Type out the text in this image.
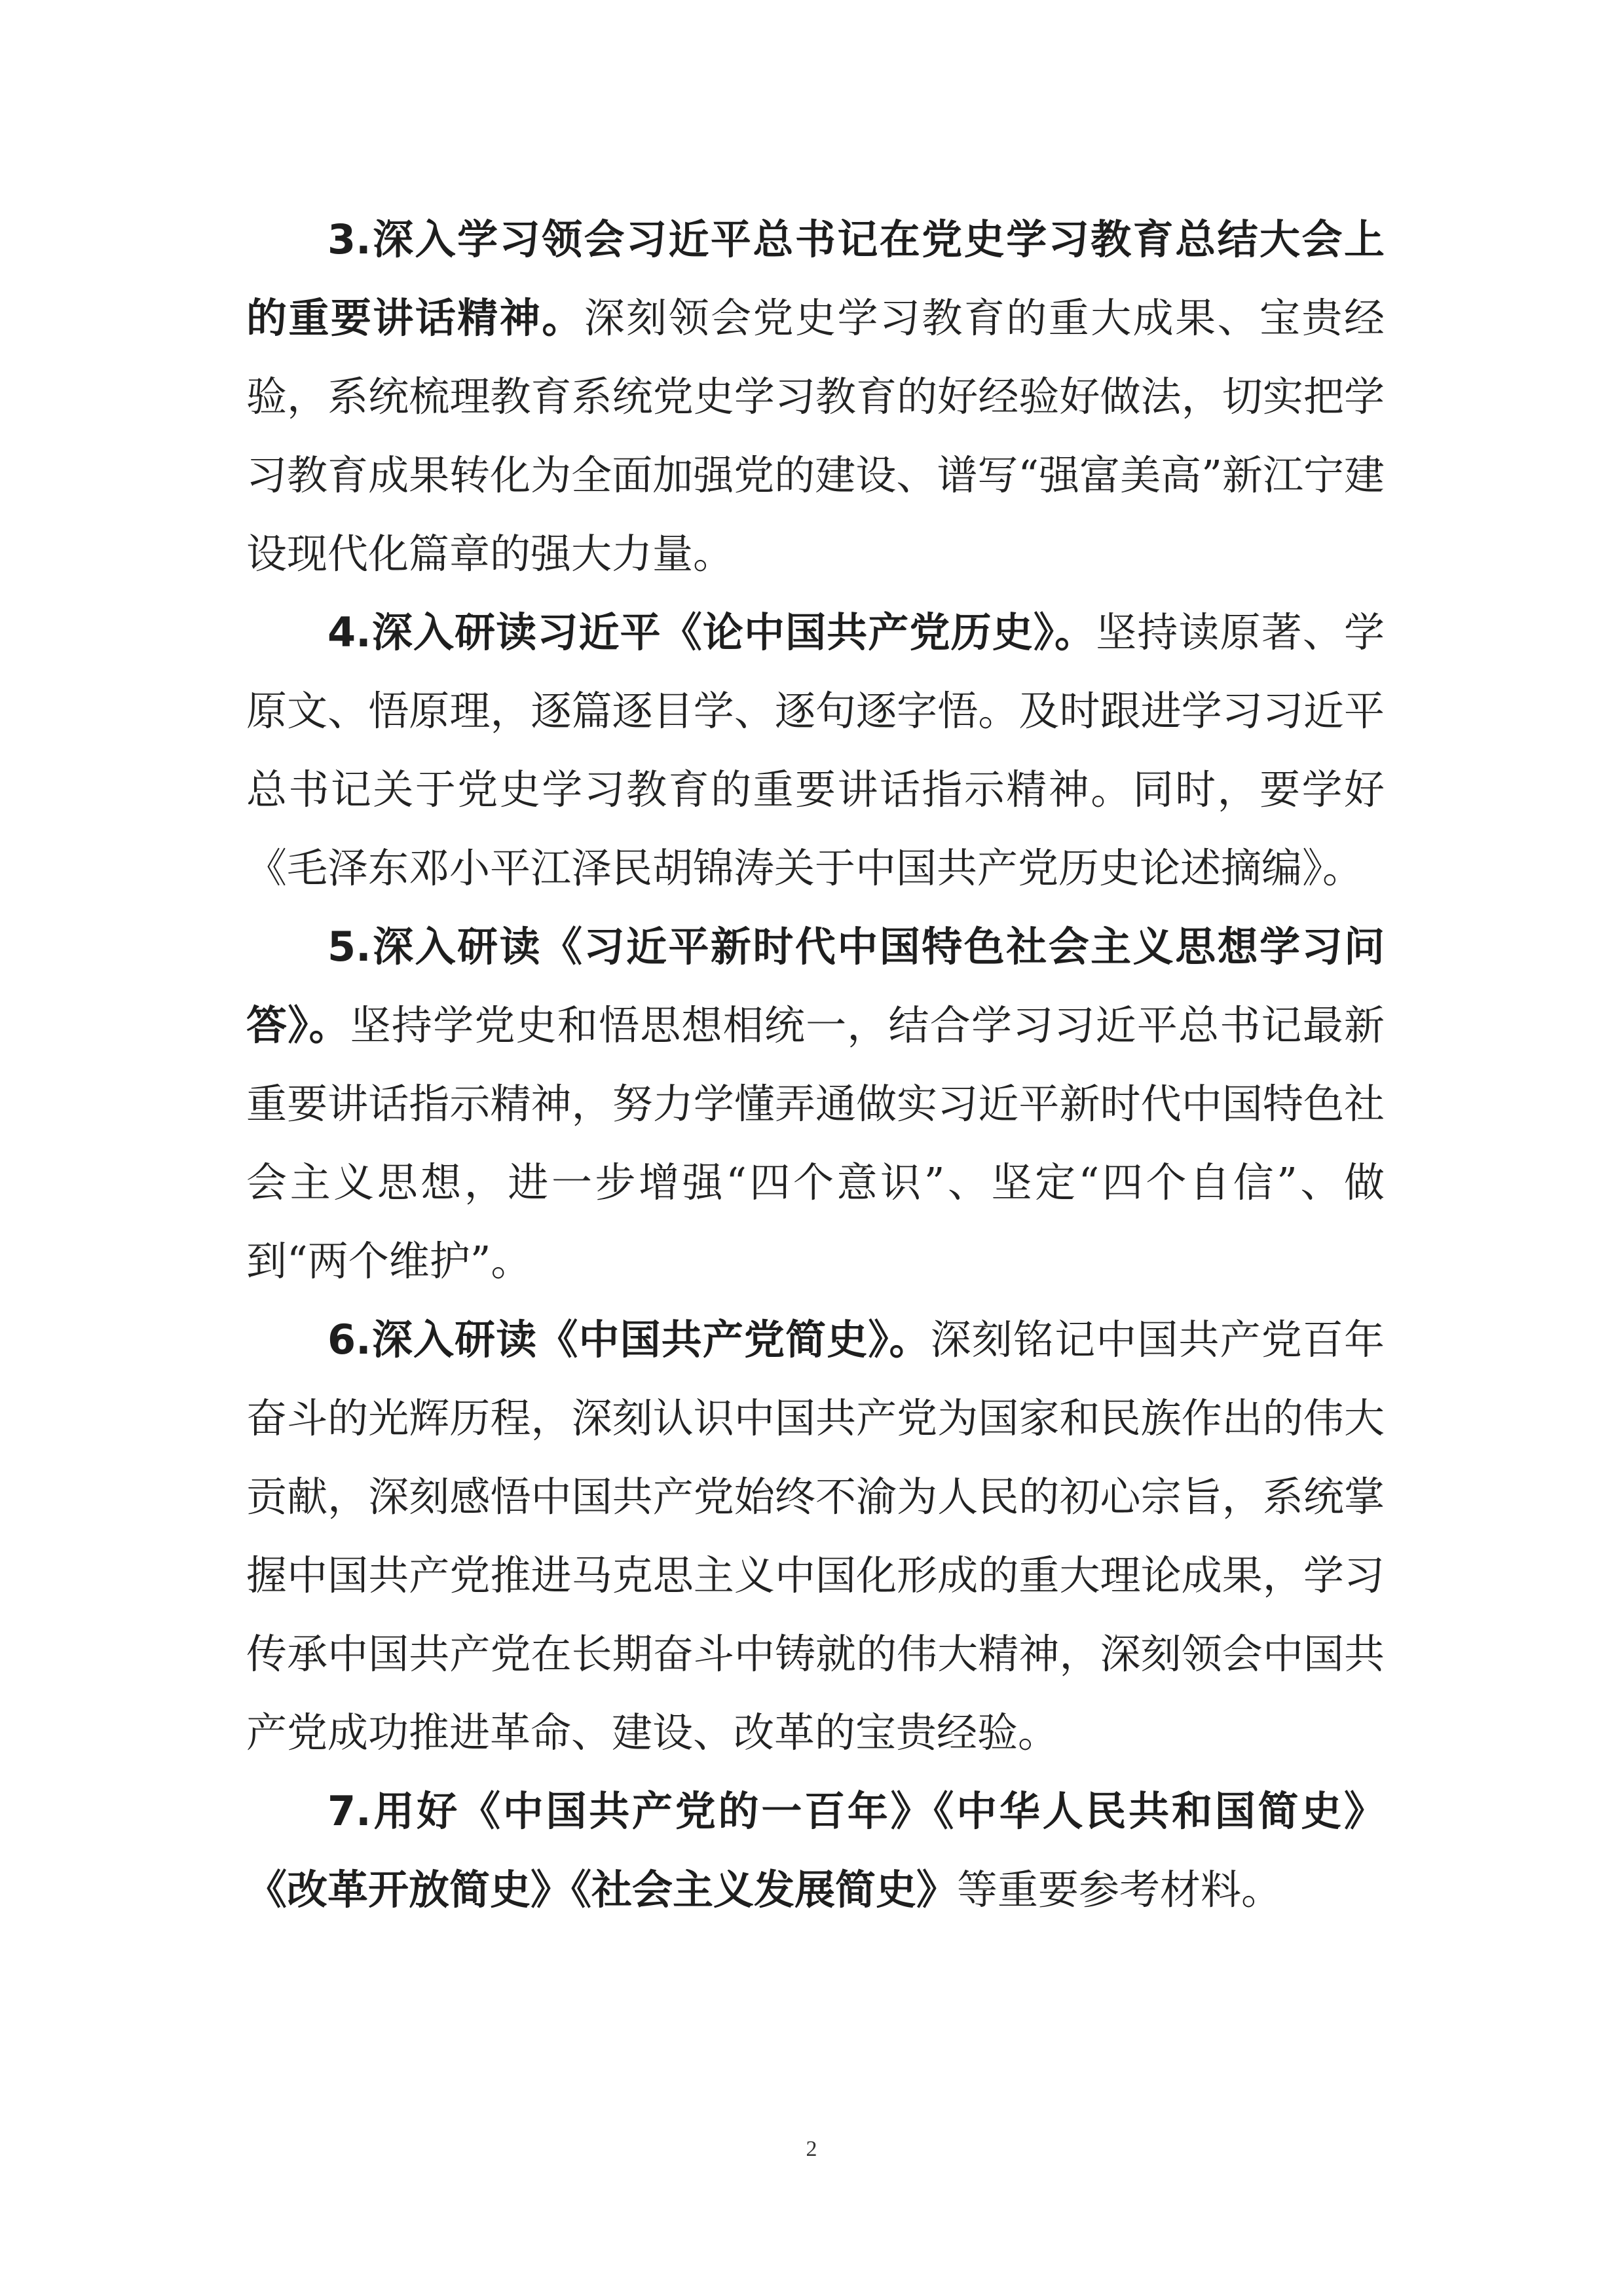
3.深入学习领会习近平总书记在党史学习教育总结大会上的重要讲话精神。深刻领会党史学习教育的重大成果、宝贵经验，系统梳理教育系统党史学习教育的好经验好做法，切实把学习教育成果转化为全面加强党的建设、谱写“强富美高”新江宁建设现代化篇章的强大力量。

4.深入研读习近平《论中国共产党历史》。坚持读原著、学原文、悟原理，逐篇逐目学、逐句逐字悟。及时跟进学习习近平总书记关于党史学习教育的重要讲话指示精神。同时，要学好《毛泽东邓小平江泽民胡锦涛关于中国共产党历史论述摘编》。

5.深入研读《习近平新时代中国特色社会主义思想学习问答》。坚持学党史和悟思想相统一，结合学习习近平总书记最新重要讲话指示精神，努力学懂弄通做实习近平新时代中国特色社会主义思想，进一步增强“四个意识”、坚定“四个自信”、做到“两个维护”。

6.深入研读《中国共产党简史》。深刻铭记中国共产党百年奋斗的光辉历程，深刻认识中国共产党为国家和民族作出的伟大贡献，深刻感悟中国共产党始终不渝为人民的初心宗旨，系统掌握中国共产党推进马克思主义中国化形成的重大理论成果，学习传承中国共产党在长期奋斗中铸就的伟大精神，深刻领会中国共产党成功推进革命、建设、改革的宝贵经验。

7.用好《中国共产党的一百年》《中华人民共和国简史》《改革开放简史》《社会主义发展简史》等重要参考材料。

2
